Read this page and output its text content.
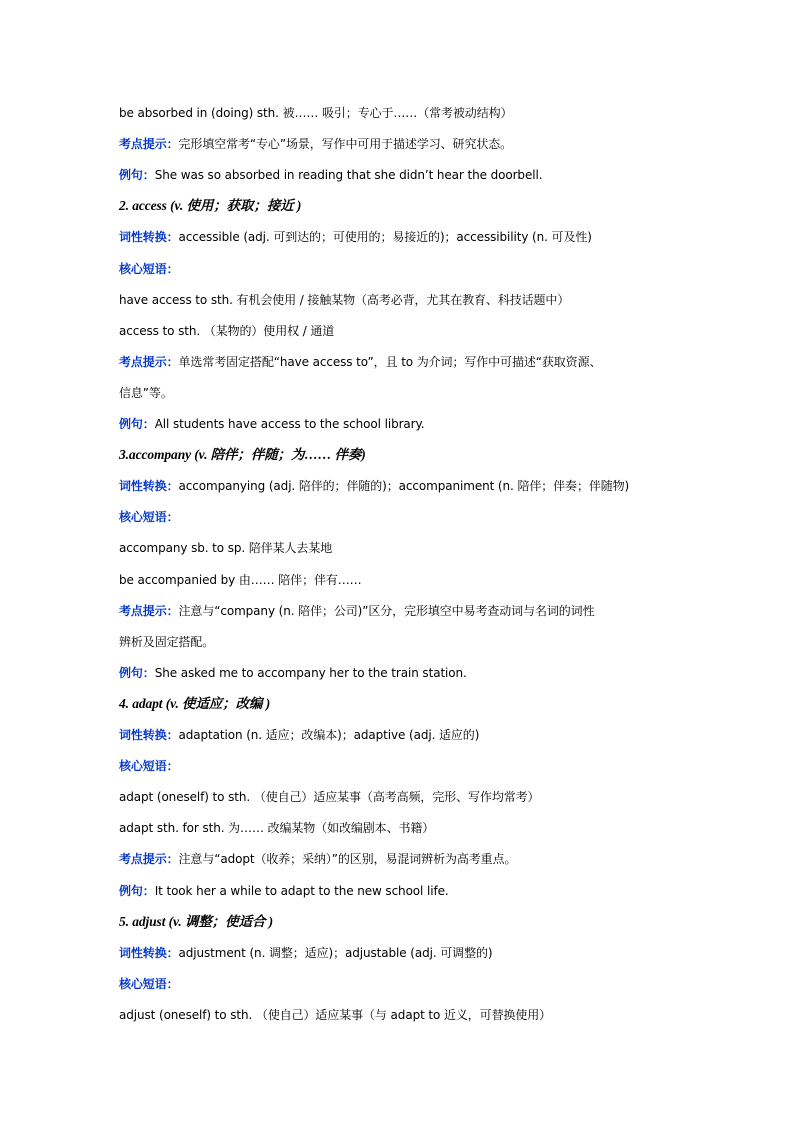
be absorbed in (doing) sth. 被…… 吸引；专心于……（常考被动结构）
考点提示：完形填空常考“专心”场景，写作中可用于描述学习、研究状态。
例句：She was so absorbed in reading that she didn’t hear the doorbell.
2. access (v. 使用；获取；接近 )
词性转换：accessible (adj. 可到达的；可使用的；易接近的)；accessibility (n. 可及性)
核心短语：
have access to sth. 有机会使用 / 接触某物（高考必背，尤其在教育、科技话题中）
access to sth. （某物的）使用权 / 通道
考点提示：单选常考固定搭配“have access to”，且 to 为介词；写作中可描述“获取资源、
信息”等。
例句：All students have access to the school library.
3.accompany (v. 陪伴；伴随；为…… 伴奏)
词性转换：accompanying (adj. 陪伴的；伴随的)；accompaniment (n. 陪伴；伴奏；伴随物)
核心短语：
accompany sb. to sp. 陪伴某人去某地
be accompanied by 由…… 陪伴；伴有……
考点提示：注意与“company (n. 陪伴；公司)”区分，完形填空中易考查动词与名词的词性
辨析及固定搭配。
例句：She asked me to accompany her to the train station.
4. adapt (v. 使适应；改编 )
词性转换：adaptation (n. 适应；改编本)；adaptive (adj. 适应的)
核心短语：
adapt (oneself) to sth. （使自己）适应某事（高考高频，完形、写作均常考）
adapt sth. for sth. 为…… 改编某物（如改编剧本、书籍）
考点提示：注意与“adopt（收养；采纳）”的区别，易混词辨析为高考重点。
例句：It took her a while to adapt to the new school life.
5. adjust (v. 调整；使适合 )
词性转换：adjustment (n. 调整；适应)；adjustable (adj. 可调整的)
核心短语：
adjust (oneself) to sth. （使自己）适应某事（与 adapt to 近义，可替换使用）
